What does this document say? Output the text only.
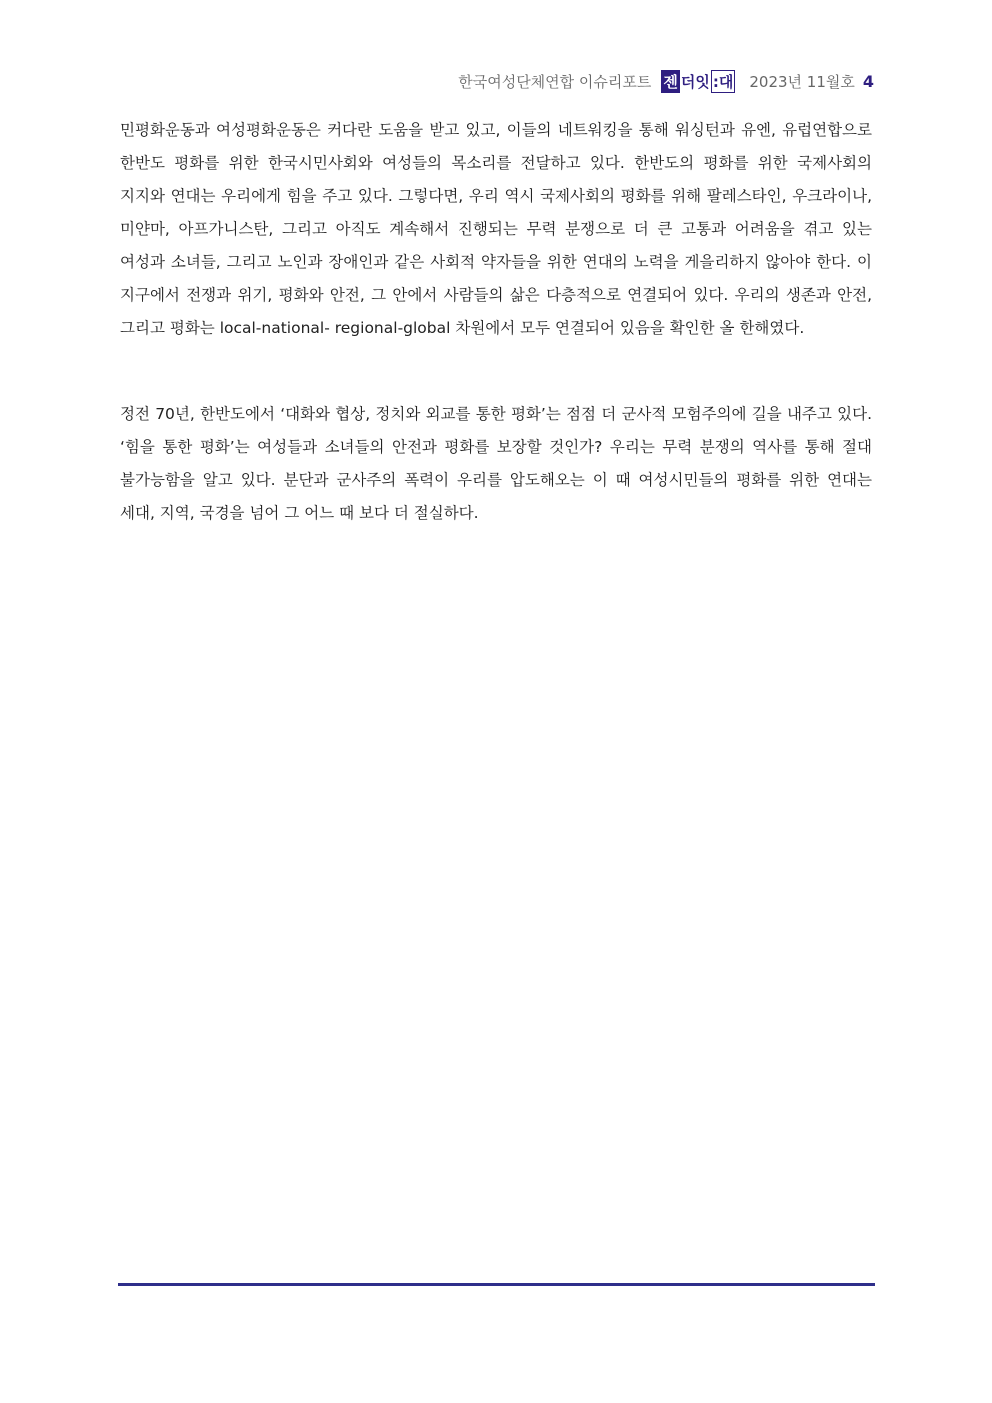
한국여성단체연합 이슈리포트 젠 더잇 :대 2023년 11월호 4

민평화운동과 여성평화운동은 커다란 도움을 받고 있고, 이들의 네트워킹을 통해 워싱턴과 유엔, 유럽연합으로 한반도 평화를 위한 한국시민사회와 여성들의 목소리를 전달하고 있다. 한반도의 평화를 위한 국제사회의 지지와 연대는 우리에게 힘을 주고 있다. 그렇다면, 우리 역시 국제사회의 평화를 위해 팔레스타인, 우크라이나, 미얀마, 아프가니스탄, 그리고 아직도 계속해서 진행되는 무력 분쟁으로 더 큰 고통과 어려움을 겪고 있는 여성과 소녀들, 그리고 노인과 장애인과 같은 사회적 약자들을 위한 연대의 노력을 게을리하지 않아야 한다. 이 지구에서 전쟁과 위기, 평화와 안전, 그 안에서 사람들의 삶은 다층적으로 연결되어 있다. 우리의 생존과 안전, 그리고 평화는 local-national- regional-global 차원에서 모두 연결되어 있음을 확인한 올 한해였다.

정전 70년, 한반도에서 ‘대화와 협상, 정치와 외교를 통한 평화’는 점점 더 군사적 모험주의에 길을 내주고 있다. ‘힘을 통한 평화’는 여성들과 소녀들의 안전과 평화를 보장할 것인가? 우리는 무력 분쟁의 역사를 통해 절대 불가능함을 알고 있다. 분단과 군사주의 폭력이 우리를 압도해오는 이 때 여성시민들의 평화를 위한 연대는 세대, 지역, 국경을 넘어 그 어느 때 보다 더 절실하다.
